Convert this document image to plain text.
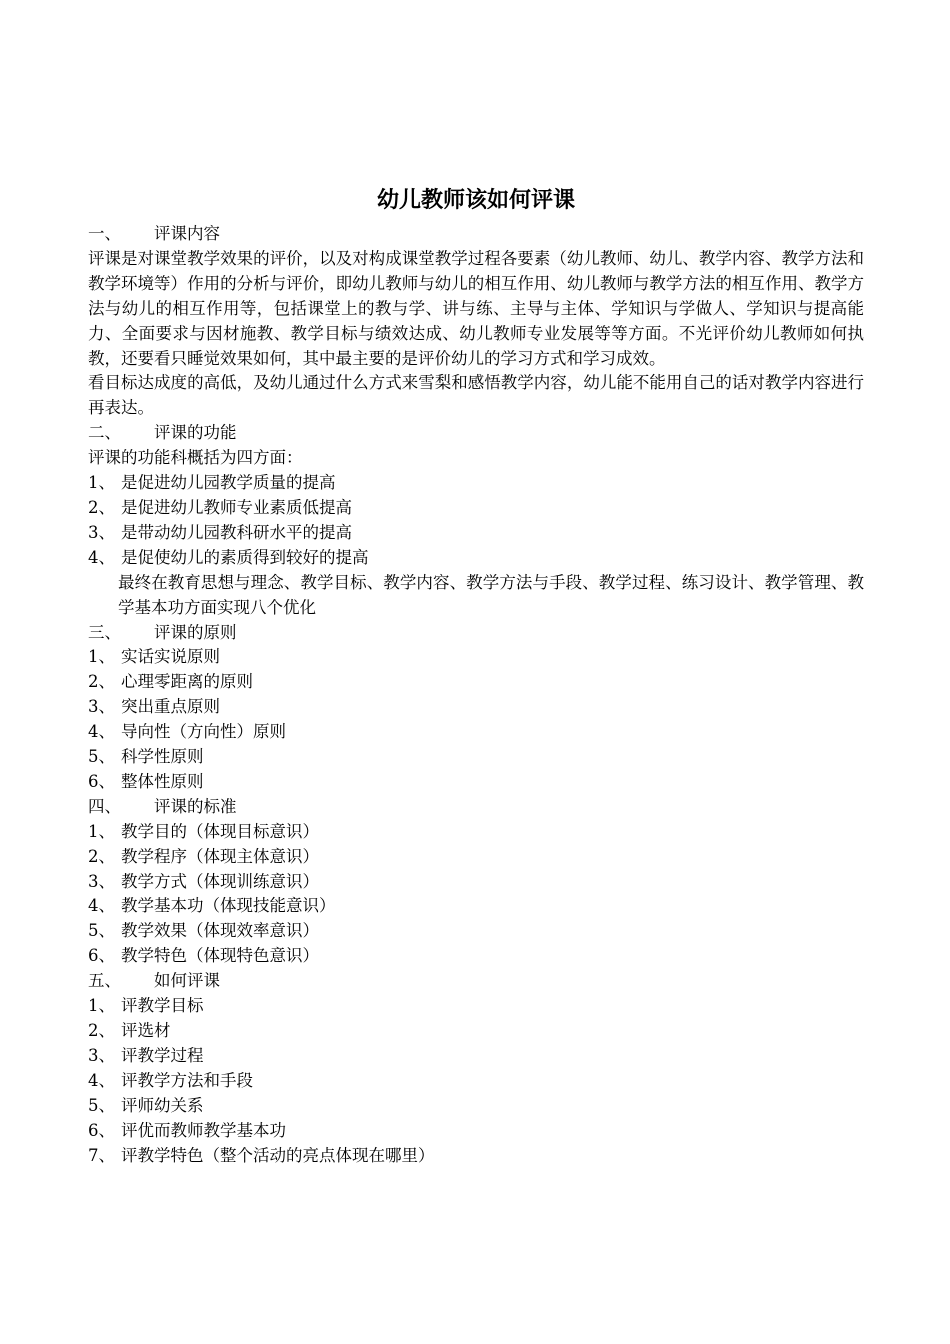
幼儿教师该如何评课
一、 评课内容
评课是对课堂教学效果的评价，以及对构成课堂教学过程各要素（幼儿教师、幼儿、教学内容、教学方法和教学环境等）作用的分析与评价，即幼儿教师与幼儿的相互作用、幼儿教师与教学方法的相互作用、教学方法与幼儿的相互作用等，包括课堂上的教与学、讲与练、主导与主体、学知识与学做人、学知识与提高能力、全面要求与因材施教、教学目标与绩效达成、幼儿教师专业发展等等方面。不光评价幼儿教师如何执教，还要看只睡觉效果如何，其中最主要的是评价幼儿的学习方式和学习成效。
看目标达成度的高低，及幼儿通过什么方式来雪梨和感悟教学内容，幼儿能不能用自己的话对教学内容进行再表达。
二、 评课的功能
评课的功能科概括为四方面：
1、 是促进幼儿园教学质量的提高
2、 是促进幼儿教师专业素质低提高
3、 是带动幼儿园教科研水平的提高
4、 是促使幼儿的素质得到较好的提高
最终在教育思想与理念、教学目标、教学内容、教学方法与手段、教学过程、练习设计、教学管理、教学基本功方面实现八个优化
三、 评课的原则
1、 实话实说原则
2、 心理零距离的原则
3、 突出重点原则
4、 导向性（方向性）原则
5、 科学性原则
6、 整体性原则
四、 评课的标准
1、 教学目的（体现目标意识）
2、 教学程序（体现主体意识）
3、 教学方式（体现训练意识）
4、 教学基本功（体现技能意识）
5、 教学效果（体现效率意识）
6、 教学特色（体现特色意识）
五、 如何评课
1、 评教学目标
2、 评选材
3、 评教学过程
4、 评教学方法和手段
5、 评师幼关系
6、 评优而教师教学基本功
7、 评教学特色（整个活动的亮点体现在哪里）
